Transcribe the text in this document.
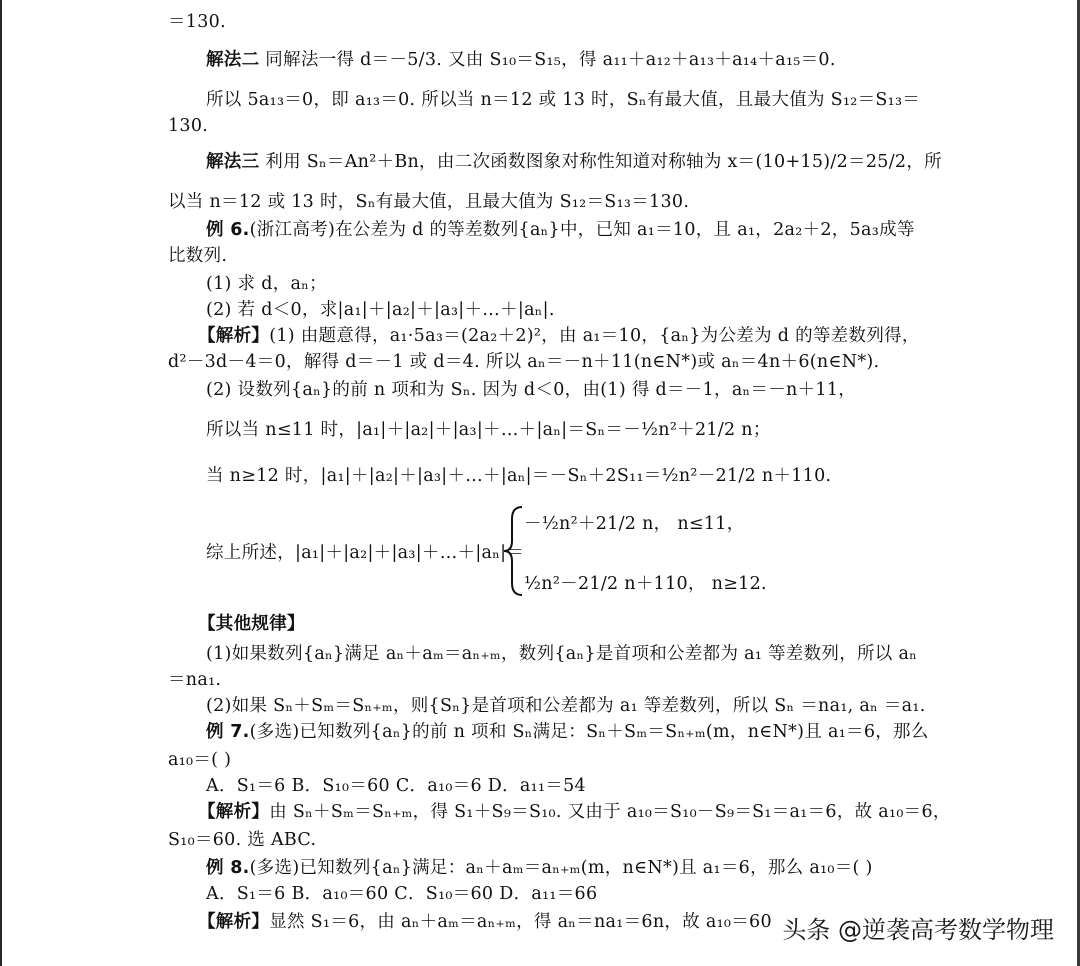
＝130.
解法二 同解法一得 d＝－5/3. 又由 S₁₀＝S₁₅，得 a₁₁＋a₁₂＋a₁₃＋a₁₄＋a₁₅＝0.
所以 5a₁₃＝0，即 a₁₃＝0. 所以当 n＝12 或 13 时，Sₙ有最大值，且最大值为 S₁₂＝S₁₃＝
130.
解法三 利用 Sₙ＝An²＋Bn，由二次函数图象对称性知道对称轴为 x＝(10+15)/2＝25/2，所
以当 n＝12 或 13 时，Sₙ有最大值，且最大值为 S₁₂＝S₁₃＝130.
例 6.(浙江高考)在公差为 d 的等差数列{aₙ}中，已知 a₁＝10，且 a₁，2a₂＋2，5a₃成等
比数列.
(1) 求 d，aₙ；
(2) 若 d＜0，求|a₁|＋|a₂|＋|a₃|＋…＋|aₙ|.
【解析】(1) 由题意得，a₁·5a₃＝(2a₂＋2)²，由 a₁＝10，{aₙ}为公差为 d 的等差数列得，
d²－3d－4＝0，解得 d＝－1 或 d＝4. 所以 aₙ＝－n＋11(n∈N*)或 aₙ＝4n＋6(n∈N*).
(2) 设数列{aₙ}的前 n 项和为 Sₙ. 因为 d＜0，由(1) 得 d＝－1，aₙ＝－n＋11，
所以当 n≤11 时，|a₁|＋|a₂|＋|a₃|＋…＋|aₙ|＝Sₙ＝－½n²＋21/2 n；
当 n≥12 时，|a₁|＋|a₂|＋|a₃|＋…＋|aₙ|＝－Sₙ＋2S₁₁＝½n²－21/2 n＋110.
综上所述，|a₁|＋|a₂|＋|a₃|＋…＋|aₙ|＝
－½n²＋21/2 n， n≤11，
½n²－21/2 n＋110， n≥12.
【其他规律】
(1)如果数列{aₙ}满足 aₙ＋aₘ＝aₙ₊ₘ，数列{aₙ}是首项和公差都为 a₁ 等差数列，所以 aₙ
＝na₁.
(2)如果 Sₙ＋Sₘ＝Sₙ₊ₘ，则{Sₙ}是首项和公差都为 a₁ 等差数列，所以 Sₙ ＝na₁, aₙ ＝a₁.
例 7.(多选)已知数列{aₙ}的前 n 项和 Sₙ满足：Sₙ＋Sₘ＝Sₙ₊ₘ(m，n∈N*)且 a₁＝6，那么
a₁₀＝( )
A．S₁＝6 B．S₁₀＝60 C．a₁₀＝6 D．a₁₁＝54
【解析】由 Sₙ＋Sₘ＝Sₙ₊ₘ，得 S₁＋S₉＝S₁₀. 又由于 a₁₀＝S₁₀－S₉＝S₁＝a₁＝6，故 a₁₀＝6，
S₁₀＝60. 选 ABC.
例 8.(多选)已知数列{aₙ}满足：aₙ＋aₘ＝aₙ₊ₘ(m，n∈N*)且 a₁＝6，那么 a₁₀＝( )
A．S₁＝6 B．a₁₀＝60 C．S₁₀＝60 D．a₁₁＝66
【解析】显然 S₁＝6，由 aₙ＋aₘ＝aₙ₊ₘ，得 aₙ＝na₁＝6n，故 a₁₀＝60 头条 @逆袭高考数学物理
